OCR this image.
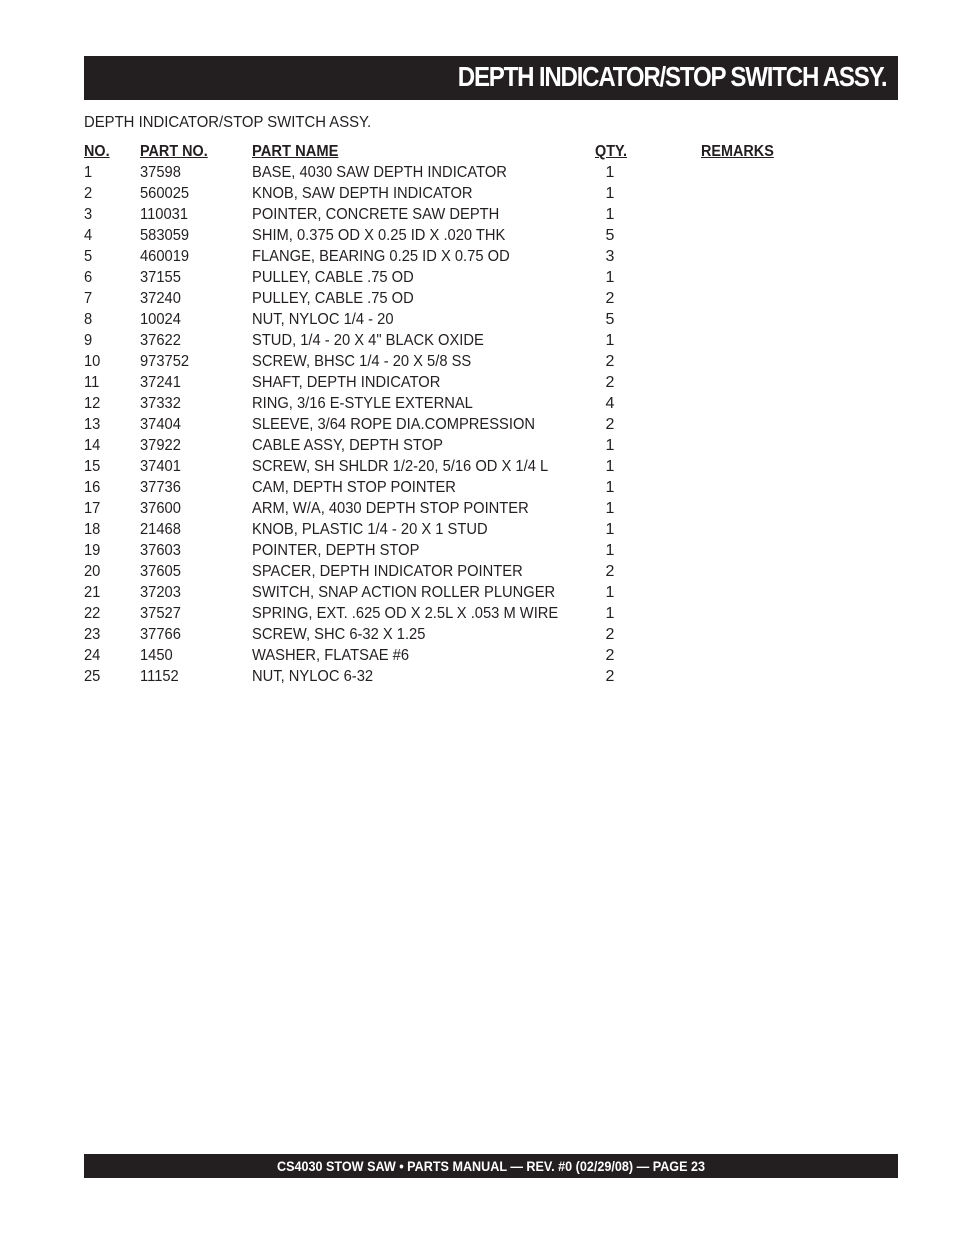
DEPTH INDICATOR/STOP SWITCH ASSY.
DEPTH INDICATOR/STOP SWITCH ASSY.
NO. PART NO.	PART NAME	QTY.	REMARKS
1	37598	BASE, 4030 SAW DEPTH INDICATOR	1
2	560025	KNOB, SAW DEPTH INDICATOR	1
3	110031	POINTER, CONCRETE SAW DEPTH	1
4	583059	SHIM, 0.375 OD X 0.25 ID X .020 THK	5
5	460019	FLANGE, BEARING 0.25 ID X 0.75 OD	3
6	37155	PULLEY, CABLE .75 OD	1
7	37240	PULLEY, CABLE .75 OD	2
8	10024	NUT, NYLOC 1/4 - 20	5
9	37622	STUD, 1/4 - 20 X 4" BLACK OXIDE	1
10 973752	SCREW, BHSC 1/4 - 20 X 5/8 SS	2
11	37241	SHAFT, DEPTH INDICATOR	2
12 37332	RING, 3/16 E-STYLE EXTERNAL	4
13 37404	SLEEVE, 3/64 ROPE DIA.COMPRESSION	2
14 37922	CABLE ASSY, DEPTH STOP	1
15 37401	SCREW, SH SHLDR 1/2-20, 5/16 OD X 1/4 L	1
16 37736	CAM, DEPTH STOP POINTER	1
17 37600	ARM, W/A, 4030 DEPTH STOP POINTER	1
18 21468	KNOB, PLASTIC 1/4 - 20 X 1 STUD	1
19 37603	POINTER, DEPTH STOP	1
20 37605	SPACER, DEPTH INDICATOR POINTER	2
21 37203	SWITCH, SNAP ACTION ROLLER PLUNGER	1
22 37527	SPRING, EXT. .625 OD X 2.5L X .053 M WIRE	1
23 37766	SCREW, SHC 6-32 X 1.25	2
24 1450	WASHER, FLATSAE #6	2
25 11152	NUT, NYLOC 6-32	2
CS4030 STOW SAW • PARTS MANUAL — REV. #0 (02/29/08) — PAGE 23
